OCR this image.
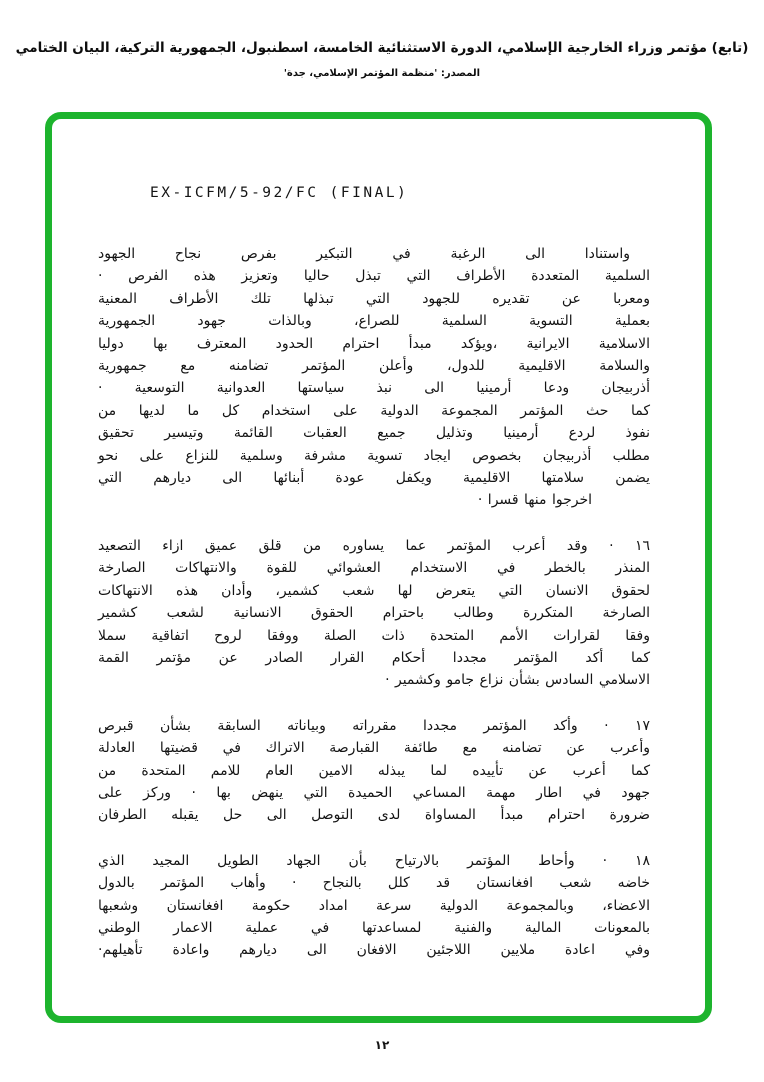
(تابع) مؤتمر وزراء الخارجية الإسلامي، الدورة الاستثنائية الخامسة، اسطنبول، الجمهورية التركية، البيان الختامي
المصدر: 'منظمة المؤتمر الإسلامي، جدة'
EX-ICFM/5-92/FC (FINAL)

واستنادا الى الرغبة في التبكير بفرص نجاح الجهود
السلمية المتعددة الأطراف التي تبذل حاليا وتعزيز هذه الفرص ·
ومعربا عن تقديره للجهود التي تبذلها تلك الأطراف المعنية
بعملية التسوية السلمية للصراع، وبالذات جهود الجمهورية
الاسلامية الايرانية ،ويؤكد مبدأ احترام الحدود المعترف بها دوليا
والسلامة الاقليمية للدول، وأعلن المؤتمر تضامنه مع جمهورية
أذربيجان ودعا أرمينيا الى نبذ سياستها العدوانية التوسعية ·
كما حث المؤتمر المجموعة الدولية على استخدام كل ما لديها من
نفوذ لردع أرمينيا وتذليل جميع العقبات القائمة وتيسير تحقيق
مطلب أذربيجان بخصوص ايجاد تسوية مشرفة وسلمية للنزاع على نحو
يضمن سلامتها الاقليمية ويكفل عودة أبنائها الى ديارهم التي
اخرجوا منها قسرا ·

١٦ · وقد أعرب المؤتمر عما يساوره من قلق عميق ازاء التصعيد
المنذر بالخطر في الاستخدام العشوائي للقوة والانتهاكات الصارخة
لحقوق الانسان التي يتعرض لها شعب كشمير، وأدان هذه الانتهاكات
الصارخة المتكررة وطالب باحترام الحقوق الانسانية لشعب كشمير
وفقا لقرارات الأمم المتحدة ذات الصلة ووفقا لروح اتفاقية سملا
كما أكد المؤتمر مجددا أحكام القرار الصادر عن مؤتمر القمة
الاسلامي السادس بشأن نزاع جامو وكشمير ·

١٧ · وأكد المؤتمر مجددا مقرراته وبياناته السابقة بشأن قبرص
وأعرب عن تضامنه مع طائفة القبارصة الاتراك في قضيتها العادلة
كما أعرب عن تأييده لما يبذله الامين العام للامم المتحدة من
جهود في اطار مهمة المساعي الحميدة التي ينهض بها · وركز على
ضرورة احترام مبدأ المساواة لدى التوصل الى حل يقبله الطرفان

١٨ · وأحاط المؤتمر بالارتياح بأن الجهاد الطويل المجيد الذي
خاضه شعب افغانستان قد كلل بالنجاح · وأهاب المؤتمر بالدول
الاعضاء، وبالمجموعة الدولية سرعة امداد حكومة افغانستان وشعبها
بالمعونات المالية والفنية لمساعدتها في عملية الاعمار الوطني
وفي اعادة ملايين اللاجئين الافغان الى ديارهم واعادة تأهيلهم·

١٢
